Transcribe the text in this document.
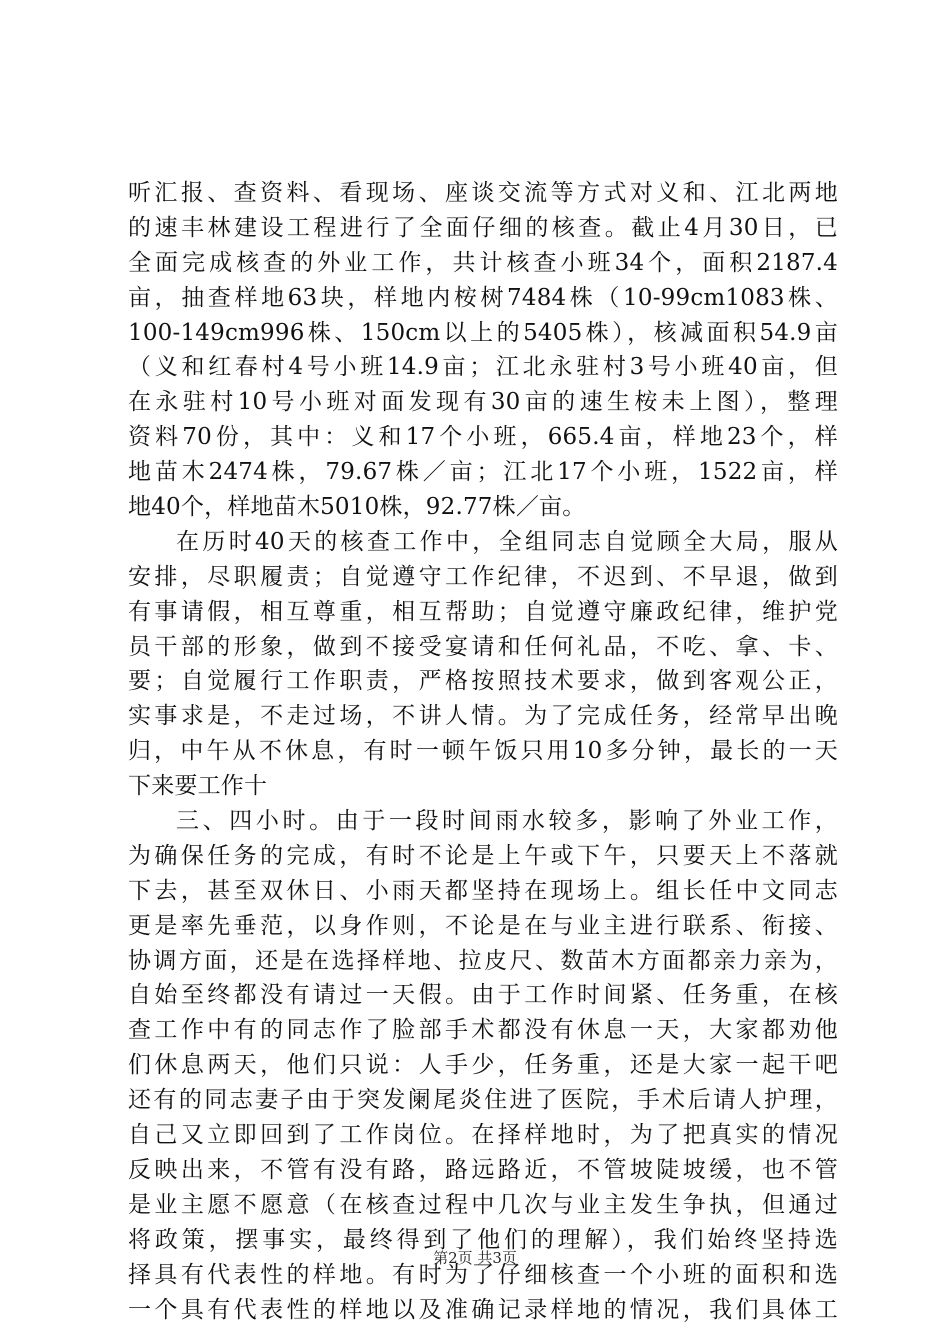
听汇报、查资料、看现场、座谈交流等方式对义和、江北两地
的速丰林建设工程进行了全面仔细的核查。截止4月30日，已
全面完成核查的外业工作，共计核查小班34个，面积2187.4
亩，抽查样地63块，样地内桉树7484株（10-99cm1083株、
100-149cm996株、150cm以上的5405株），核减面积54.9亩
（义和红春村4号小班14.9亩；江北永驻村3号小班40亩，但
在永驻村10号小班对面发现有30亩的速生桉未上图），整理
资料70份，其中：义和17个小班，665.4亩，样地23个，样
地苗木2474株，79.67株／亩；江北17个小班，1522亩，样
地40个，样地苗木5010株，92.77株／亩。
在历时40天的核查工作中，全组同志自觉顾全大局，服从
安排，尽职履责；自觉遵守工作纪律，不迟到、不早退，做到
有事请假，相互尊重，相互帮助；自觉遵守廉政纪律，维护党
员干部的形象，做到不接受宴请和任何礼品，不吃、拿、卡、
要；自觉履行工作职责，严格按照技术要求，做到客观公正，
实事求是，不走过场，不讲人情。为了完成任务，经常早出晚
归，中午从不休息，有时一顿午饭只用10多分钟，最长的一天
下来要工作十
三、四小时。由于一段时间雨水较多，影响了外业工作，
为确保任务的完成，有时不论是上午或下午，只要天上不落就
下去，甚至双休日、小雨天都坚持在现场上。组长任中文同志
更是率先垂范，以身作则，不论是在与业主进行联系、衔接、
协调方面，还是在选择样地、拉皮尺、数苗木方面都亲力亲为，
自始至终都没有请过一天假。由于工作时间紧、任务重，在核
查工作中有的同志作了脸部手术都没有休息一天，大家都劝他
们休息两天，他们只说：人手少，任务重，还是大家一起干吧
还有的同志妻子由于突发阑尾炎住进了医院，手术后请人护理，
自己又立即回到了工作岗位。在择样地时，为了把真实的情况
反映出来，不管有没有路，路远路近，不管坡陡坡缓，也不管
是业主愿不愿意（在核查过程中几次与业主发生争执，但通过
将政策，摆事实，最终得到了他们的理解），我们始终坚持选
择具有代表性的样地。有时为了仔细核查一个小班的面积和选
一个具有代表性的样地以及准确记录样地的情况，我们具体工
第2页 共3页
